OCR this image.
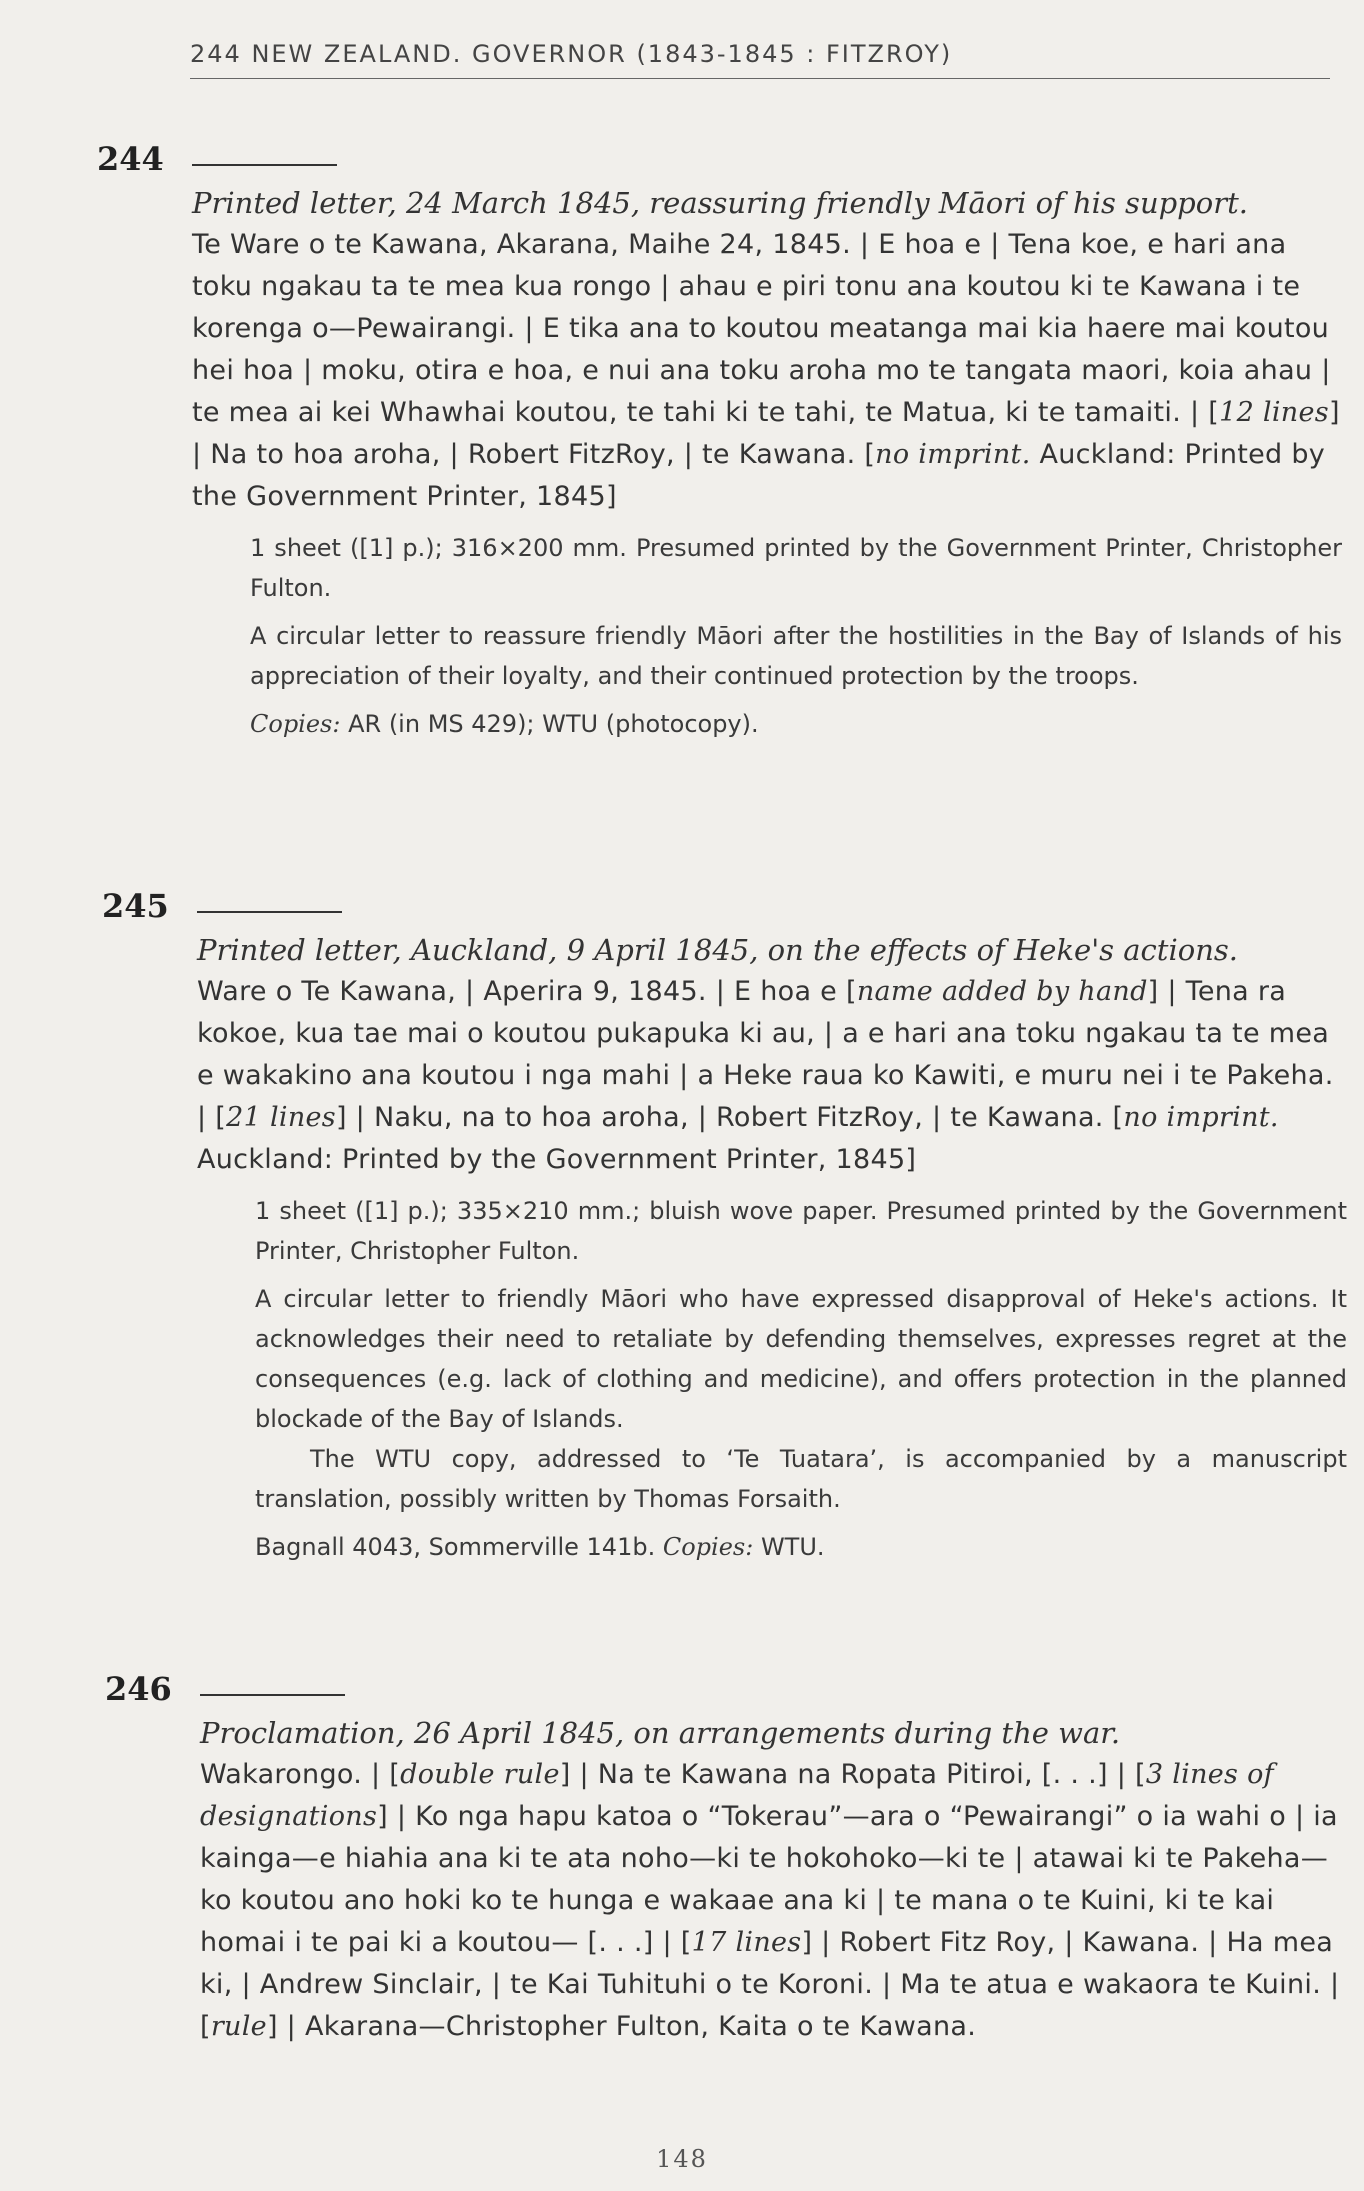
244 NEW ZEALAND. GOVERNOR (1843-1845 : FITZROY)
244

Printed letter, 24 March 1845, reassuring friendly Māori of his support.

Te Ware o te Kawana, Akarana, Maihe 24, 1845. | E hoa e | Tena koe, e hari ana toku ngakau ta te mea kua rongo | ahau e piri tonu ana koutou ki te Kawana i te korenga o—Pewairangi. | E tika ana to koutou meatanga mai kia haere mai koutou hei hoa | moku, otira e hoa, e nui ana toku aroha mo te tangata maori, koia ahau | te mea ai kei Whawhai koutou, te tahi ki te tahi, te Matua, ki te tamaiti. | [12 lines] | Na to hoa aroha, | Robert FitzRoy, | te Kawana. [no imprint. Auckland: Printed by the Government Printer, 1845]

1 sheet ([1] p.); 316×200 mm. Presumed printed by the Government Printer, Christopher Fulton.

A circular letter to reassure friendly Māori after the hostilities in the Bay of Islands of his appreciation of their loyalty, and their continued protection by the troops.

Copies: AR (in MS 429); WTU (photocopy).

245

Printed letter, Auckland, 9 April 1845, on the effects of Heke's actions.

Ware o Te Kawana, | Aperira 9, 1845. | E hoa e [name added by hand] | Tena ra kokoe, kua tae mai o koutou pukapuka ki au, | a e hari ana toku ngakau ta te mea e wakakino ana koutou i nga mahi | a Heke raua ko Kawiti, e muru nei i te Pakeha. | [21 lines] | Naku, na to hoa aroha, | Robert FitzRoy, | te Kawana. [no imprint. Auckland: Printed by the Government Printer, 1845]

1 sheet ([1] p.); 335×210 mm.; bluish wove paper. Presumed printed by the Government Printer, Christopher Fulton.

A circular letter to friendly Māori who have expressed disapproval of Heke's actions. It acknowledges their need to retaliate by defending themselves, expresses regret at the consequences (e.g. lack of clothing and medicine), and offers protection in the planned blockade of the Bay of Islands.

The WTU copy, addressed to ‘Te Tuatara’, is accompanied by a manuscript translation, possibly written by Thomas Forsaith.

Bagnall 4043, Sommerville 141b. Copies: WTU.

246

Proclamation, 26 April 1845, on arrangements during the war.

Wakarongo. | [double rule] | Na te Kawana na Ropata Pitiroi, [. . .] | [3 lines of designations] | Ko nga hapu katoa o “Tokerau”—ara o “Pewairangi” o ia wahi o | ia kainga—e hiahia ana ki te ata noho—ki te hokohoko—ki te | atawai ki te Pakeha—ko koutou ano hoki ko te hunga e wakaae ana ki | te mana o te Kuini, ki te kai homai i te pai ki a koutou— [. . .] | [17 lines] | Robert Fitz Roy, | Kawana. | Ha mea ki, | Andrew Sinclair, | te Kai Tuhituhi o te Koroni. | Ma te atua e wakaora te Kuini. | [rule] | Akarana—Christopher Fulton, Kaita o te Kawana.

148
